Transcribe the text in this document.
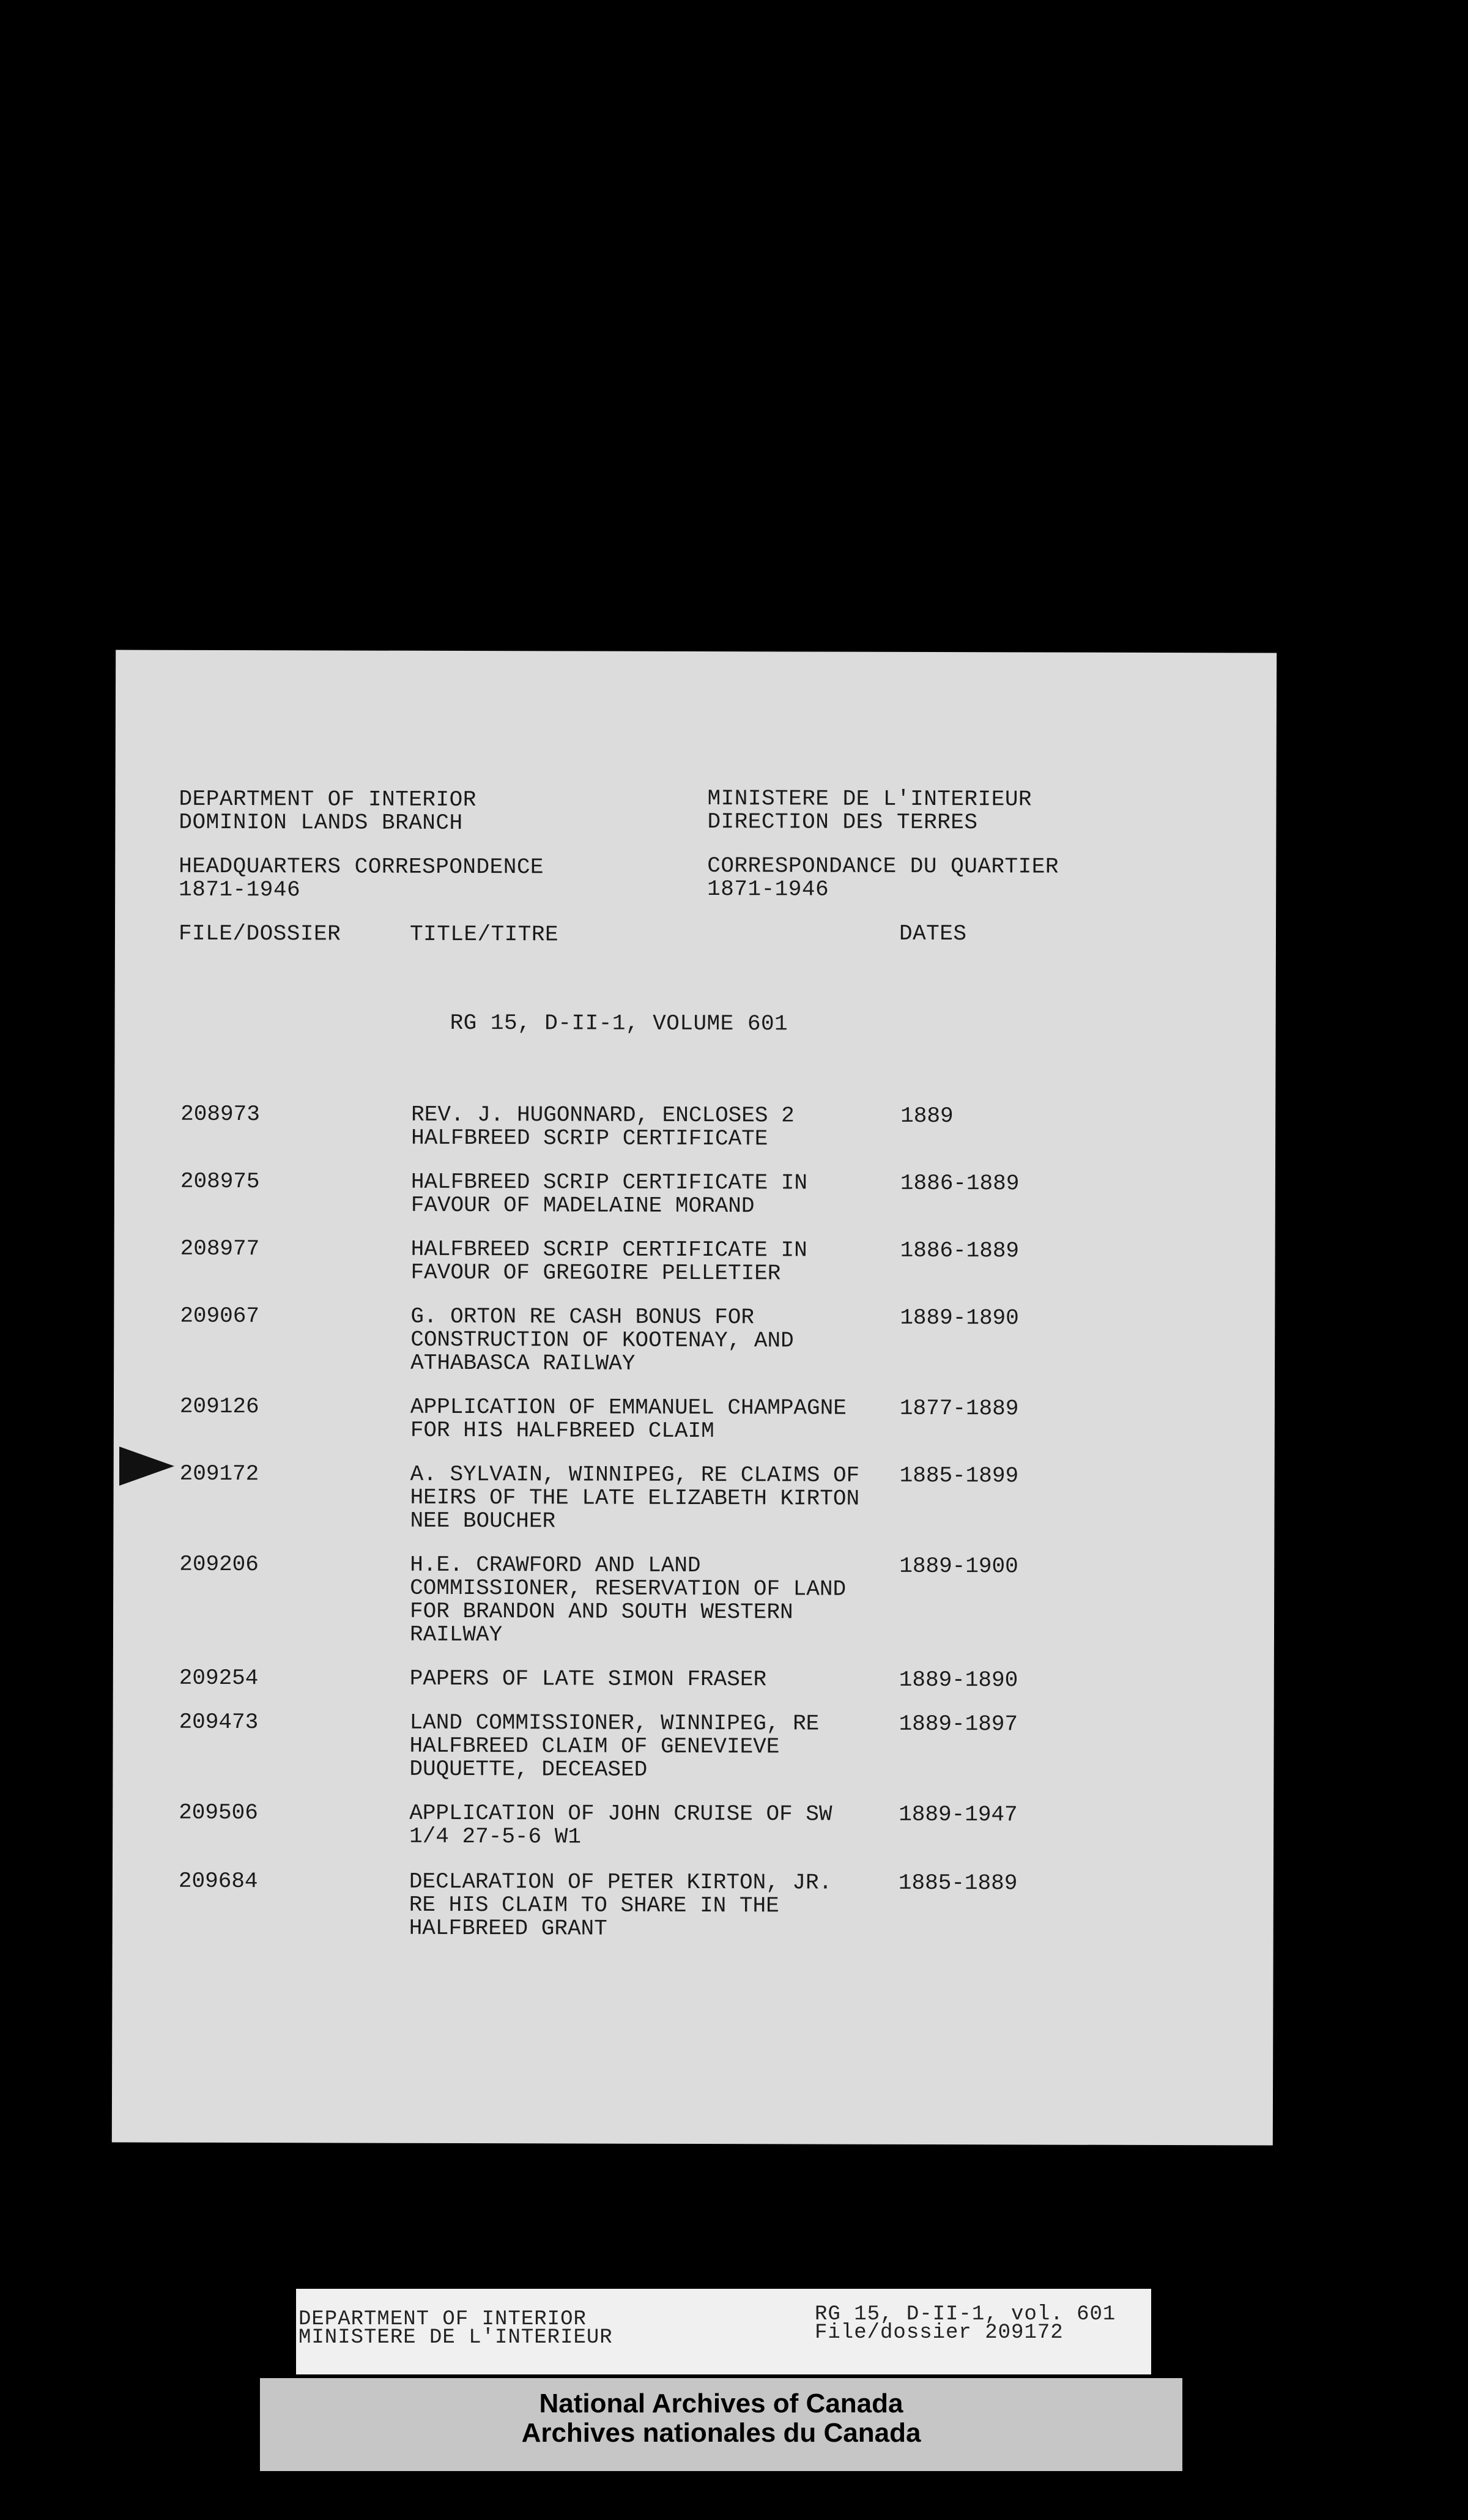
DEPARTMENT OF INTERIOR
DOMINION LANDS BRANCH
MINISTERE DE L'INTERIEUR
DIRECTION DES TERRES
HEADQUARTERS CORRESPONDENCE
1871-1946
CORRESPONDANCE DU QUARTIER
1871-1946
FILE/DOSSIER	TITLE/TITRE	DATES
RG 15, D-II-1, VOLUME 601
208973	REV. J. HUGONNARD, ENCLOSES 2
HALFBREED SCRIP CERTIFICATE
1889
208975	HALFBREED SCRIP CERTIFICATE IN
FAVOUR OF MADELAINE MORAND
1886-1889
208977	HALFBREED SCRIP CERTIFICATE IN
FAVOUR OF GREGOIRE PELLETIER
1886-1889
209067	G. ORTON RE CASH BONUS FOR
CONSTRUCTION OF KOOTENAY, AND
ATHABASCA RAILWAY
1889-1890
209126	APPLICATION OF EMMANUEL CHAMPAGNE
FOR HIS HALFBREED CLAIM
1877-1889
209172	A. SYLVAIN, WINNIPEG, RE CLAIMS OF
HEIRS OF THE LATE ELIZABETH KIRTON
NEE BOUCHER
1885-1899
209206	H.E. CRAWFORD AND LAND
COMMISSIONER, RESERVATION OF LAND
FOR BRANDON AND SOUTH WESTERN
RAILWAY
1889-1900
209254	PAPERS OF LATE SIMON FRASER	1889-1890
209473	LAND COMMISSIONER, WINNIPEG, RE
HALFBREED CLAIM OF GENEVIEVE
DUQUETTE, DECEASED
1889-1897
209506	APPLICATION OF JOHN CRUISE OF SW
1/4 27-5-6 W1
1889-1947
209684	DECLARATION OF PETER KIRTON, JR.
RE HIS CLAIM TO SHARE IN THE
HALFBREED GRANT
1885-1889
DEPARTMENT OF INTERIOR
MINISTERE DE L'INTERIEUR
RG 15, D-II-1, vol. 601
File/dossier 209172
National Archives of Canada
Archives nationales du Canada
